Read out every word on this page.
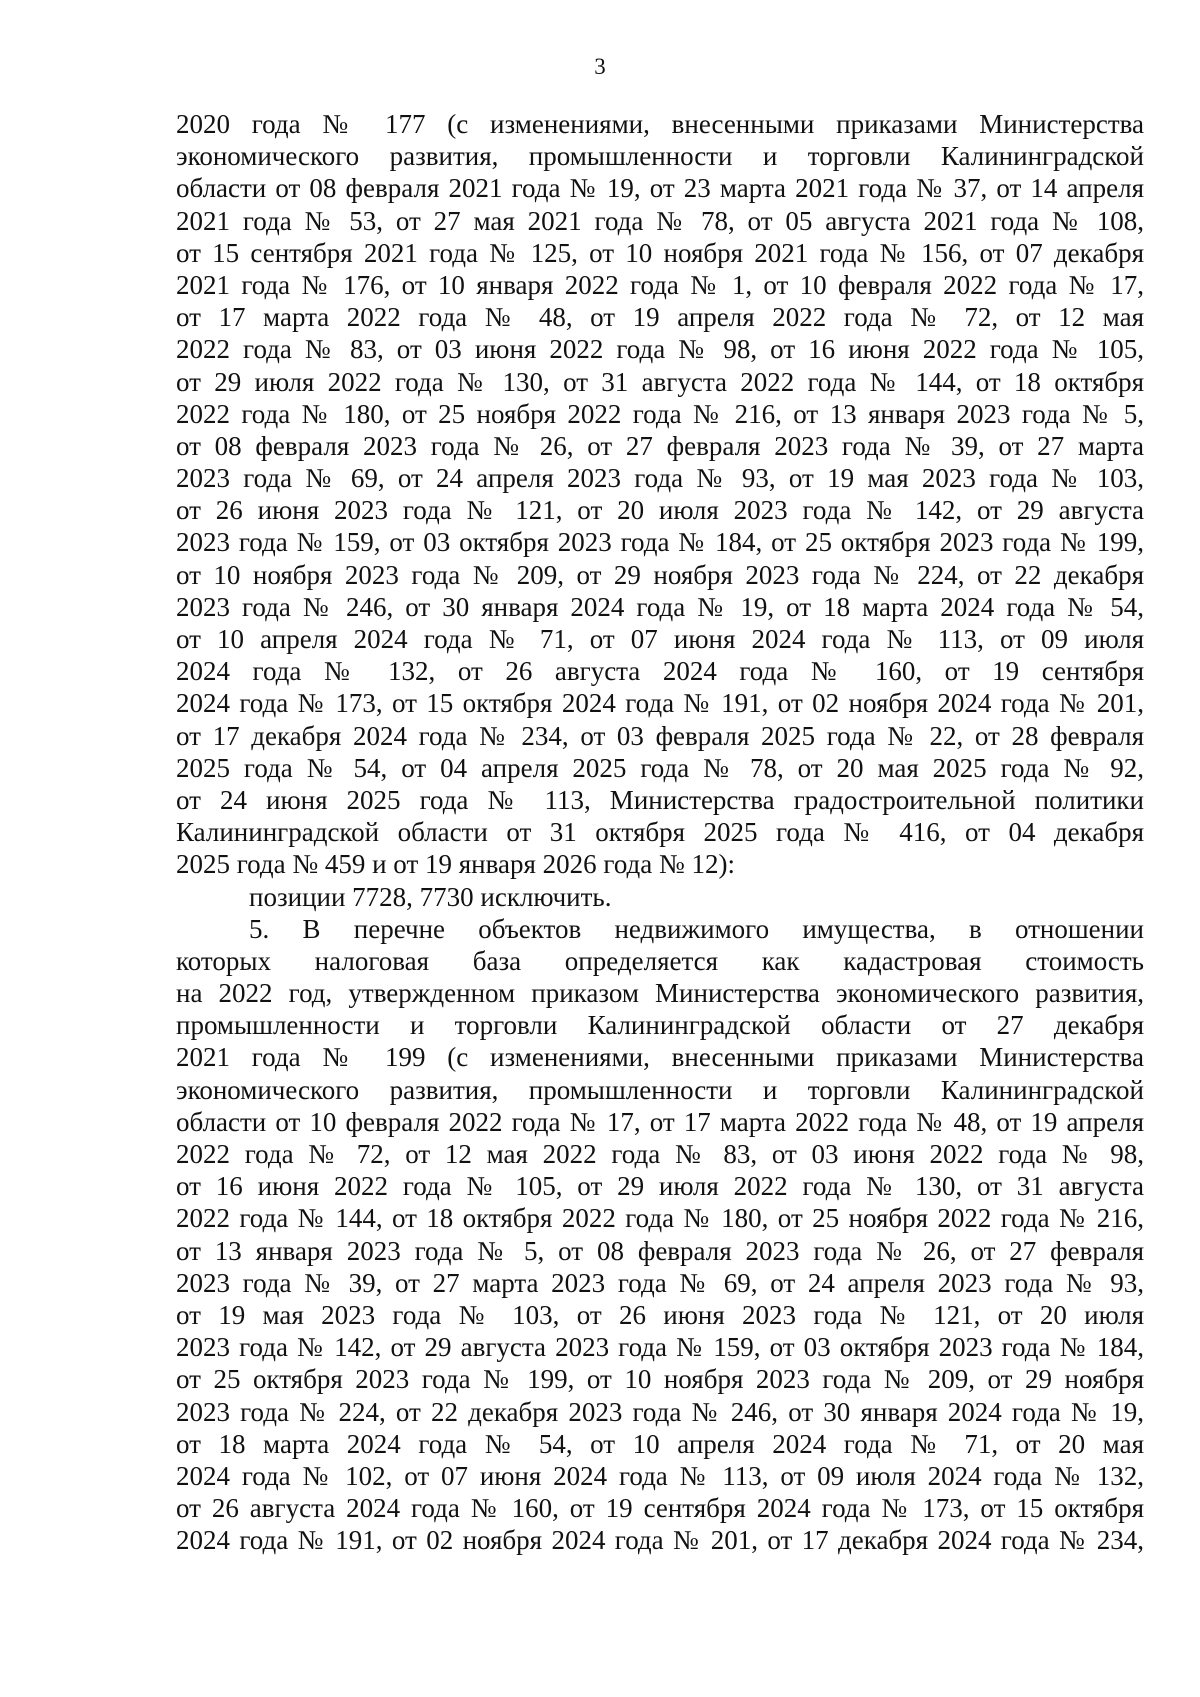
3
2020 года № 177 (с изменениями, внесенными приказами Министерства
экономического развития, промышленности и торговли Калининградской
области от 08 февраля 2021 года № 19, от 23 марта 2021 года № 37, от 14 апреля
2021 года № 53, от 27 мая 2021 года № 78, от 05 августа 2021 года № 108,
от 15 сентября 2021 года № 125, от 10 ноября 2021 года № 156, от 07 декабря
2021 года № 176, от 10 января 2022 года № 1, от 10 февраля 2022 года № 17,
от 17 марта 2022 года № 48, от 19 апреля 2022 года № 72, от 12 мая
2022 года № 83, от 03 июня 2022 года № 98, от 16 июня 2022 года № 105,
от 29 июля 2022 года № 130, от 31 августа 2022 года № 144, от 18 октября
2022 года № 180, от 25 ноября 2022 года № 216, от 13 января 2023 года № 5,
от 08 февраля 2023 года № 26, от 27 февраля 2023 года № 39, от 27 марта
2023 года № 69, от 24 апреля 2023 года № 93, от 19 мая 2023 года № 103,
от 26 июня 2023 года № 121, от 20 июля 2023 года № 142, от 29 августа
2023 года № 159, от 03 октября 2023 года № 184, от 25 октября 2023 года № 199,
от 10 ноября 2023 года № 209, от 29 ноября 2023 года № 224, от 22 декабря
2023 года № 246, от 30 января 2024 года № 19, от 18 марта 2024 года № 54,
от 10 апреля 2024 года № 71, от 07 июня 2024 года № 113, от 09 июля
2024 года № 132, от 26 августа 2024 года № 160, от 19 сентября
2024 года № 173, от 15 октября 2024 года № 191, от 02 ноября 2024 года № 201,
от 17 декабря 2024 года № 234, от 03 февраля 2025 года № 22, от 28 февраля
2025 года № 54, от 04 апреля 2025 года № 78, от 20 мая 2025 года № 92,
от 24 июня 2025 года № 113, Министерства градостроительной политики
Калининградской области от 31 октября 2025 года № 416, от 04 декабря
2025 года № 459 и от 19 января 2026 года № 12):
позиции 7728, 7730 исключить.
5. В перечне объектов недвижимого имущества, в отношении
которых налоговая база определяется как кадастровая стоимость
на 2022 год, утвержденном приказом Министерства экономического развития,
промышленности и торговли Калининградской области от 27 декабря
2021 года № 199 (с изменениями, внесенными приказами Министерства
экономического развития, промышленности и торговли Калининградской
области от 10 февраля 2022 года № 17, от 17 марта 2022 года № 48, от 19 апреля
2022 года № 72, от 12 мая 2022 года № 83, от 03 июня 2022 года № 98,
от 16 июня 2022 года № 105, от 29 июля 2022 года № 130, от 31 августа
2022 года № 144, от 18 октября 2022 года № 180, от 25 ноября 2022 года № 216,
от 13 января 2023 года № 5, от 08 февраля 2023 года № 26, от 27 февраля
2023 года № 39, от 27 марта 2023 года № 69, от 24 апреля 2023 года № 93,
от 19 мая 2023 года № 103, от 26 июня 2023 года № 121, от 20 июля
2023 года № 142, от 29 августа 2023 года № 159, от 03 октября 2023 года № 184,
от 25 октября 2023 года № 199, от 10 ноября 2023 года № 209, от 29 ноября
2023 года № 224, от 22 декабря 2023 года № 246, от 30 января 2024 года № 19,
от 18 марта 2024 года № 54, от 10 апреля 2024 года № 71, от 20 мая
2024 года № 102, от 07 июня 2024 года № 113, от 09 июля 2024 года № 132,
от 26 августа 2024 года № 160, от 19 сентября 2024 года № 173, от 15 октября
2024 года № 191, от 02 ноября 2024 года № 201, от 17 декабря 2024 года № 234,
